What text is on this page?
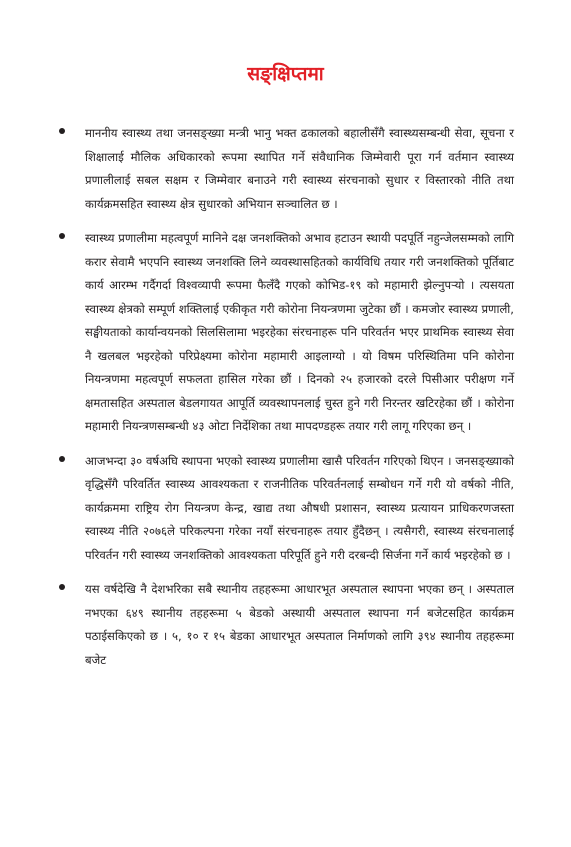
सङ्क्षिप्तमा

माननीय स्वास्थ्य तथा जनसङ्ख्या मन्त्री भानु भक्त ढकालको बहालीसँगै स्वास्थ्यसम्बन्धी सेवा, सूचना र शिक्षालाई मौलिक अधिकारको रूपमा स्थापित गर्ने संवैधानिक जिम्मेवारी पूरा गर्न वर्तमान स्वास्थ्य प्रणालीलाई सबल सक्षम र जिम्मेवार बनाउने गरी स्वास्थ्य संरचनाको सुधार र विस्तारको नीति तथा कार्यक्रमसहित स्वास्थ्य क्षेत्र सुधारको अभियान सञ्चालित छ ।

स्वास्थ्य प्रणालीमा महत्वपूर्ण मानिने दक्ष जनशक्तिको अभाव हटाउन स्थायी पदपूर्ति नहुन्जेलसम्मको लागि करार सेवामै भएपनि स्वास्थ्य जनशक्ति लिने व्यवस्थासहितको कार्यविधि तयार गरी जनशक्तिको पूर्तिबाट कार्य आरम्भ गर्दैगर्दा विश्वव्यापी रूपमा फैलँदै गएको कोभिड-१९ को महामारी झेल्नुपऱ्यो । त्यसयता स्वास्थ्य क्षेत्रको सम्पूर्ण शक्तिलाई एकीकृत गरी कोरोना नियन्त्रणमा जुटेका छौं । कमजोर स्वास्थ्य प्रणाली, सङ्घीयताको कार्यान्वयनको सिलसिलामा भइरहेका संरचनाहरू पनि परिवर्तन भएर प्राथमिक स्वास्थ्य सेवा नै खलबल भइरहेको परिप्रेक्ष्यमा कोरोना महामारी आइलाग्यो । यो विषम परिस्थितिमा पनि कोरोना नियन्त्रणमा महत्वपूर्ण सफलता हासिल गरेका छौं । दिनको २५ हजारको दरले पिसीआर परीक्षण गर्ने क्षमतासहित अस्पताल बेडलगायत आपूर्ति व्यवस्थापनलाई चुस्त हुने गरी निरन्तर खटिरहेका छौं । कोरोना महामारी नियन्त्रणसम्बन्धी ४३ ओटा निर्देशिका तथा मापदण्डहरू तयार गरी लागू गरिएका छन् ।

आजभन्दा ३० वर्षअघि स्थापना भएको स्वास्थ्य प्रणालीमा खासै परिवर्तन गरिएको थिएन । जनसङ्ख्याको वृद्धिसँगै परिवर्तित स्वास्थ्य आवश्यकता र राजनीतिक परिवर्तनलाई सम्बोधन गर्ने गरी यो वर्षको नीति, कार्यक्रममा राष्ट्रिय रोग नियन्त्रण केन्द्र, खाद्य तथा औषधी प्रशासन, स्वास्थ्य प्रत्यायन प्राधिकरणजस्ता स्वास्थ्य नीति २०७६ले परिकल्पना गरेका नयाँ संरचनाहरू तयार हुँदैछन् । त्यसैगरी, स्वास्थ्य संरचनालाई परिवर्तन गरी स्वास्थ्य जनशक्तिको आवश्यकता परिपूर्ति हुने गरी दरबन्दी सिर्जना गर्ने कार्य भइरहेको छ ।

यस वर्षदेखि नै देशभरिका सबै स्थानीय तहहरूमा आधारभूत अस्पताल स्थापना भएका छन् । अस्पताल नभएका ६४९ स्थानीय तहहरूमा ५ बेडको अस्थायी अस्पताल स्थापना गर्न बजेटसहित कार्यक्रम पठाईसकिएको छ । ५, १० र १५ बेडका आधारभूत अस्पताल निर्माणको लागि ३९४ स्थानीय तहहरूमा बजेट
